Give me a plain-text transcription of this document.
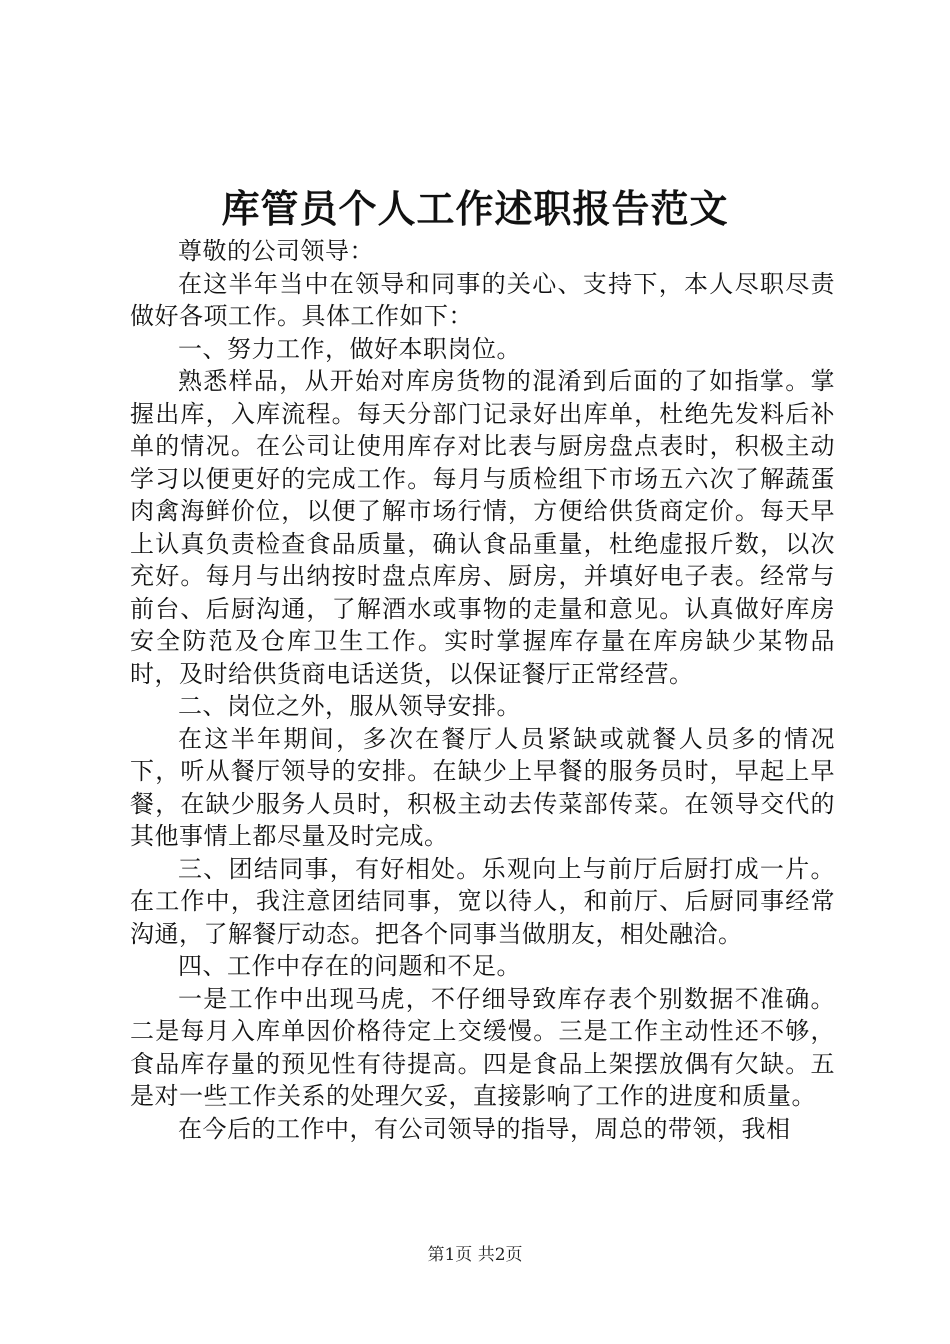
库管员个人工作述职报告范文

尊敬的公司领导：

在这半年当中在领导和同事的关心、支持下，本人尽职尽责做好各项工作。具体工作如下：

一、努力工作，做好本职岗位。

熟悉样品，从开始对库房货物的混淆到后面的了如指掌。掌握出库，入库流程。每天分部门记录好出库单，杜绝先发料后补单的情况。在公司让使用库存对比表与厨房盘点表时，积极主动学习以便更好的完成工作。每月与质检组下市场五六次了解蔬蛋肉禽海鲜价位，以便了解市场行情，方便给供货商定价。每天早上认真负责检查食品质量，确认食品重量，杜绝虚报斤数，以次充好。每月与出纳按时盘点库房、厨房，并填好电子表。经常与前台、后厨沟通，了解酒水或事物的走量和意见。认真做好库房安全防范及仓库卫生工作。实时掌握库存量在库房缺少某物品时，及时给供货商电话送货，以保证餐厅正常经营。

二、岗位之外，服从领导安排。

在这半年期间，多次在餐厅人员紧缺或就餐人员多的情况下，听从餐厅领导的安排。在缺少上早餐的服务员时，早起上早餐，在缺少服务人员时，积极主动去传菜部传菜。在领导交代的其他事情上都尽量及时完成。

三、团结同事，有好相处。乐观向上与前厅后厨打成一片。在工作中，我注意团结同事，宽以待人，和前厅、后厨同事经常沟通，了解餐厅动态。把各个同事当做朋友，相处融洽。

四、工作中存在的问题和不足。

一是工作中出现马虎，不仔细导致库存表个别数据不准确。二是每月入库单因价格待定上交缓慢。三是工作主动性还不够，食品库存量的预见性有待提高。四是食品上架摆放偶有欠缺。五是对一些工作关系的处理欠妥，直接影响了工作的进度和质量。

在今后的工作中，有公司领导的指导，周总的带领，我相

第1页 共2页
